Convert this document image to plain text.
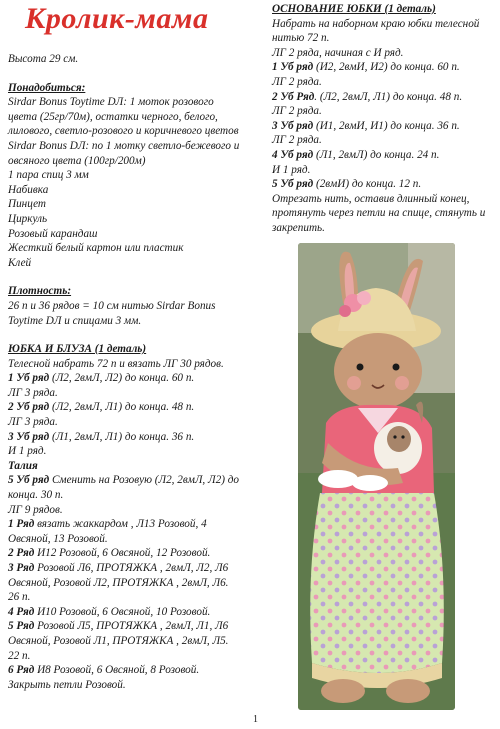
Кролик-мама

Высота 29 см.

Понадобиться:

Sirdar Bonus Toytime DЛ: 1 моток розового

цвета (25гр/70м), остатки черного, белого,

лилового, светло-розового и коричневого цветов

Sirdar Bonus DЛ: по 1 мотку светло-бежевого и

овсяного цвета (100гр/200м)

1 пара спиц 3 мм

Набивка

Пинцет

Циркуль

Розовый карандаш

Жесткий белый картон или пластик

Клей

Плотность:

26 п и 36 рядов = 10 см нитью Sirdar Bonus

Toytime DЛ и спицами 3 мм.

ЮБКА И БЛУЗА (1 деталь)

Телесной набрать 72 п и вязать ЛГ 30 рядов.

1 Уб ряд (Л2, 2вмЛ, Л2) до конца. 60 п.

ЛГ 3 ряда.

2 Уб ряд (Л2, 2вмЛ, Л1) до конца. 48 п.

ЛГ 3 ряда.

3 Уб ряд (Л1, 2вмЛ, Л1) до конца. 36 п.

И 1 ряд.

Талия

5 Уб ряд Сменить на Розовую (Л2, 2вмЛ, Л2) до

конца. 30 п.

ЛГ 9 рядов.

1 Ряд вязать жаккардом , Л13 Розовой, 4

Овсяной, 13 Розовой.

2 Ряд И12 Розовой, 6 Овсяной, 12 Розовой.

3 Ряд Розовой Л6, ПРОТЯЖКА , 2вмЛ, Л2, Л6

Овсяной, Розовой Л2, ПРОТЯЖКА , 2вмЛ, Л6.

26 п.

4 Ряд И10 Розовой, 6 Овсяной, 10 Розовой.

5 Ряд Розовой Л5, ПРОТЯЖКА , 2вмЛ, Л1, Л6

Овсяной, Розовой Л1, ПРОТЯЖКА , 2вмЛ, Л5.

22 п.

6 Ряд И8 Розовой, 6 Овсяной, 8 Розовой.

Закрыть петли Розовой.

ОСНОВАНИЕ ЮБКИ (1 деталь)

Набрать на наборном краю юбки телесной

нитью 72 п.

ЛГ 2 ряда, начиная с И ряд.

1 Уб ряд (И2, 2вмИ, И2) до конца. 60 п.

ЛГ 2 ряда.

2 Уб Ряд. (Л2, 2вмЛ, Л1) до конца. 48 п.

ЛГ 2 ряда.

3 Уб ряд (И1, 2вмИ, И1) до конца. 36 п.

ЛГ 2 ряда.

4 Уб ряд (Л1, 2вмЛ) до конца. 24 п.

И 1 ряд.

5 Уб ряд (2вмИ) до конца. 12 п.

Отрезать нить, оставив длинный конец,

протянуть через петли на спице, стянуть и

закрепить.

1
